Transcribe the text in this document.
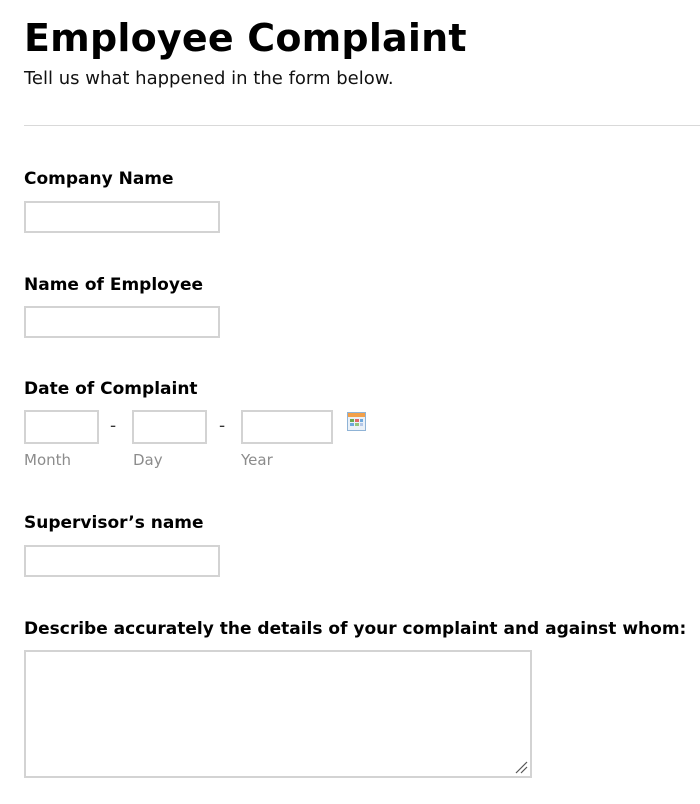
Employee Complaint
Tell us what happened in the form below.
Company Name
Name of Employee
Date of Complaint
-	-
Month	Day	Year
Supervisor’s name
Describe accurately the details of your complaint and against whom:
